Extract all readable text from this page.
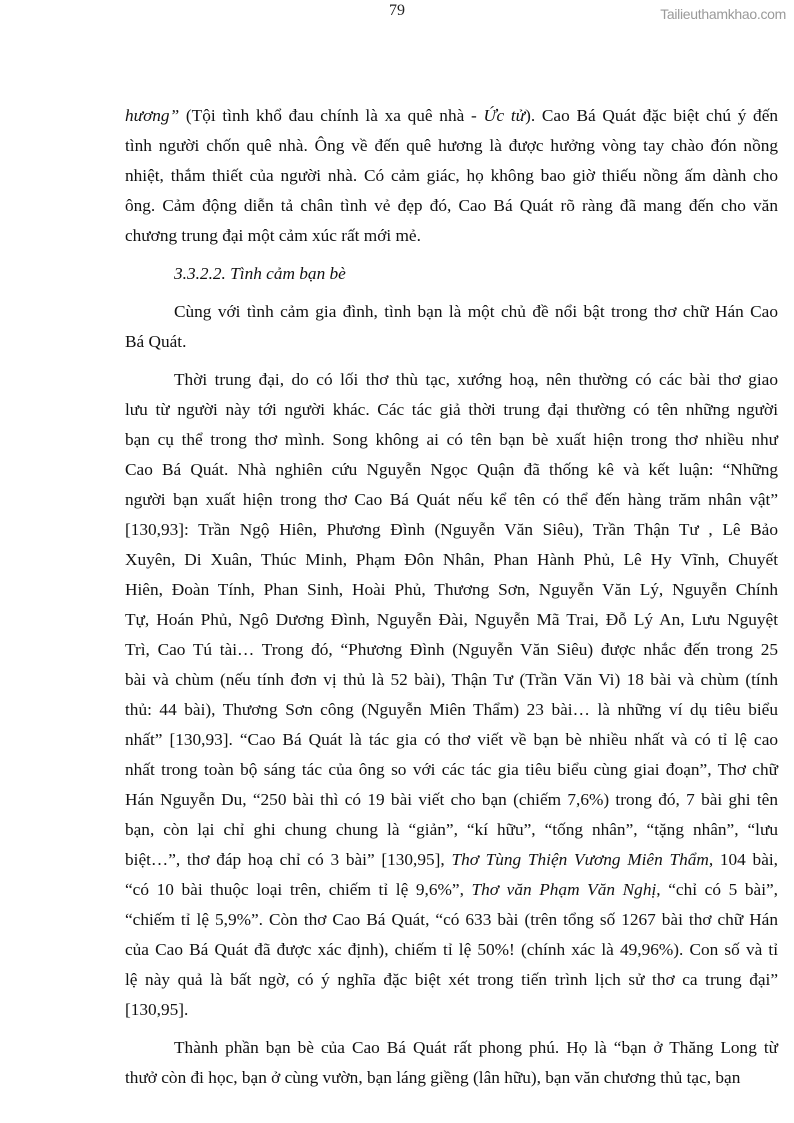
79	Tailieuthamkhao.com
hương” (Tội tình khổ đau chính là xa quê nhà - Ức tử). Cao Bá Quát đặc biệt chú ý đến
tình người chốn quê nhà. Ông về đến quê hương là được hưởng vòng tay chào đón nồng
nhiệt, thắm thiết của người nhà. Có cảm giác, họ không bao giờ thiếu nồng ấm dành cho
ông. Cảm động diễn tả chân tình vẻ đẹp đó, Cao Bá Quát rõ ràng đã mang đến cho văn
chương trung đại một cảm xúc rất mới mẻ.
3.3.2.2. Tình cảm bạn bè
Cùng với tình cảm gia đình, tình bạn là một chủ đề nổi bật trong thơ chữ Hán Cao
Bá Quát.
Thời trung đại, do có lối thơ thù tạc, xướng hoạ, nên thường có các bài thơ giao
lưu từ người này tới người khác. Các tác giả thời trung đại thường có tên những người
bạn cụ thể trong thơ mình. Song không ai có tên bạn bè xuất hiện trong thơ nhiều như
Cao Bá Quát. Nhà nghiên cứu Nguyễn Ngọc Quận đã thống kê và kết luận: “Những
người bạn xuất hiện trong thơ Cao Bá Quát nếu kể tên có thể đến hàng trăm nhân vật”
[130,93]: Trần Ngộ Hiên, Phương Đình (Nguyễn Văn Siêu), Trần Thận Tư , Lê Bảo
Xuyên, Di Xuân, Thúc Minh, Phạm Đôn Nhân, Phan Hành Phủ, Lê Hy Vĩnh, Chuyết
Hiên, Đoàn Tính, Phan Sinh, Hoài Phủ, Thương Sơn, Nguyễn Văn Lý, Nguyễn Chính
Tự, Hoán Phủ, Ngô Dương Đình, Nguyễn Đài, Nguyễn Mã Trai, Đỗ Lý An, Lưu Nguyệt
Trì, Cao Tú tài… Trong đó, “Phương Đình (Nguyễn Văn Siêu) được nhắc đến trong 25
bài và chùm (nếu tính đơn vị thủ là 52 bài), Thận Tư (Trần Văn Vi) 18 bài và chùm (tính
thủ: 44 bài), Thương Sơn công (Nguyễn Miên Thẩm) 23 bài… là những ví dụ tiêu biểu
nhất” [130,93]. “Cao Bá Quát là tác gia có thơ viết về bạn bè nhiều nhất và có tỉ lệ cao
nhất trong toàn bộ sáng tác của ông so với các tác gia tiêu biểu cùng giai đoạn”, Thơ chữ
Hán Nguyễn Du, “250 bài thì có 19 bài viết cho bạn (chiếm 7,6%) trong đó, 7 bài ghi tên
bạn, còn lại chỉ ghi chung chung là “giản”, “kí hữu”, “tống nhân”, “tặng nhân”, “lưu
biệt…”, thơ đáp hoạ chỉ có 3 bài” [130,95], Thơ Tùng Thiện Vương Miên Thẩm, 104 bài,
“có 10 bài thuộc loại trên, chiếm tỉ lệ 9,6%”, Thơ văn Phạm Văn Nghị, “chỉ có 5 bài”,
“chiếm tỉ lệ 5,9%”. Còn thơ Cao Bá Quát, “có 633 bài (trên tổng số 1267 bài thơ chữ Hán
của Cao Bá Quát đã được xác định), chiếm tỉ lệ 50%! (chính xác là 49,96%). Con số và tỉ
lệ này quả là bất ngờ, có ý nghĩa đặc biệt xét trong tiến trình lịch sử thơ ca trung đại”
[130,95].
Thành phần bạn bè của Cao Bá Quát rất phong phú. Họ là “bạn ở Thăng Long từ
thưở còn đi học, bạn ở cùng vườn, bạn láng giềng (lân hữu), bạn văn chương thủ tạc, bạn
